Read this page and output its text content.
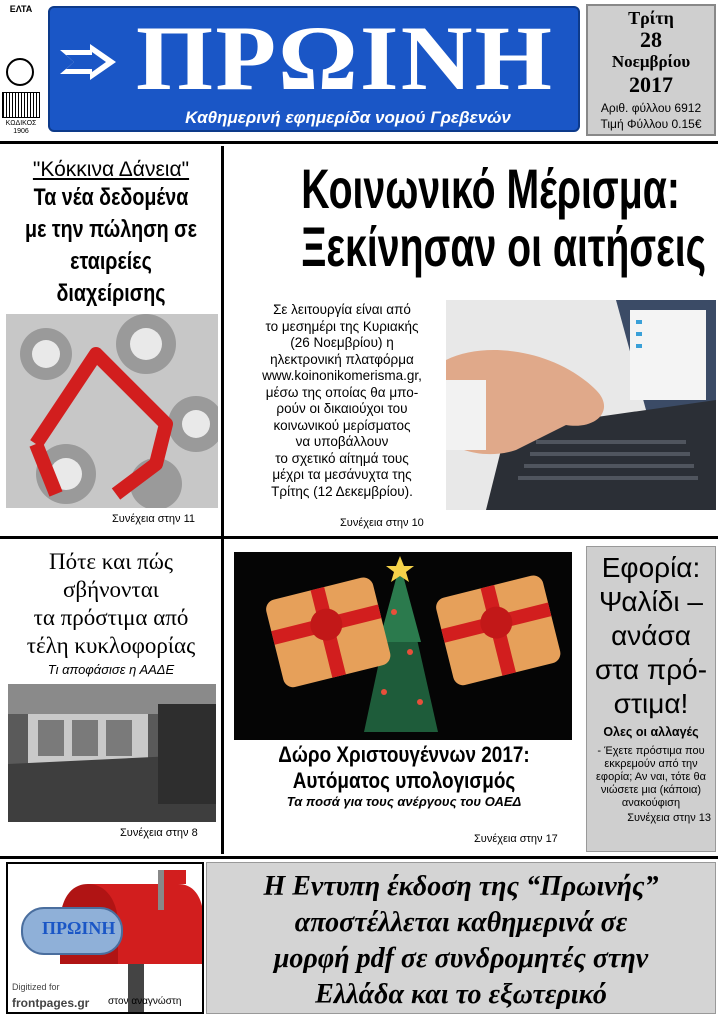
ΕΛΤΑ
ΚΩΔΙΚΟΣ 1906
ΠΡΩΙΝΗ
Καθημερινή εφημερίδα νομού Γρεβενών
Τρίτη
28
Νοεμβρίου
2017
Αριθ. φύλλου 6912
Τιμή Φύλλου 0.15€
"Κόκκινα Δάνεια"
Τα νέα δεδομένα
με την πώληση σε
εταιρείες διαχείρισης
Συνέχεια στην 11
Κοινωνικό Μέρισμα:
Ξεκίνησαν οι αιτήσεις
Σε λειτουργία είναι από
το μεσημέρι της Κυριακής
(26 Νοεμβρίου) η
ηλεκτρονική πλατφόρμα
www.koinonikomerisma.gr,
μέσω της οποίας θα μπο-
ρούν οι δικαιούχοι του
κοινωνικού μερίσματος
να υποβάλλουν
το σχετικό αίτημά τους
μέχρι τα μεσάνυχτα της
Τρίτης (12 Δεκεμβρίου).
Συνέχεια στην 10
Πότε και πώς
σβήνονται
τα πρόστιμα από
τέλη κυκλοφορίας
Τι αποφάσισε η ΑΑΔΕ
Συνέχεια στην 8
Δώρο Χριστουγέννων 2017:
Αυτόματος υπολογισμός
Τα ποσά για τους ανέργους του ΟΑΕΔ
Συνέχεια στην 17
Εφορία:
Ψαλίδι –
ανάσα
στα πρό-
στιμα!
Ολες οι αλλαγές
- Έχετε πρόστιμα που εκκρεμούν από την εφορία; Αν ναι, τότε θα νιώσετε μια (κάποια) ανακούφιση
Συνέχεια στην 13
ΠΡΩΙΝΗ
στον αναγνώστη
Digitized for
frontpages.gr
Η Εντυπη έκδοση της “Πρωινής”
αποστέλλεται καθημερινά σε
μορφή pdf σε συνδρομητές στην
Ελλάδα και το εξωτερικό
